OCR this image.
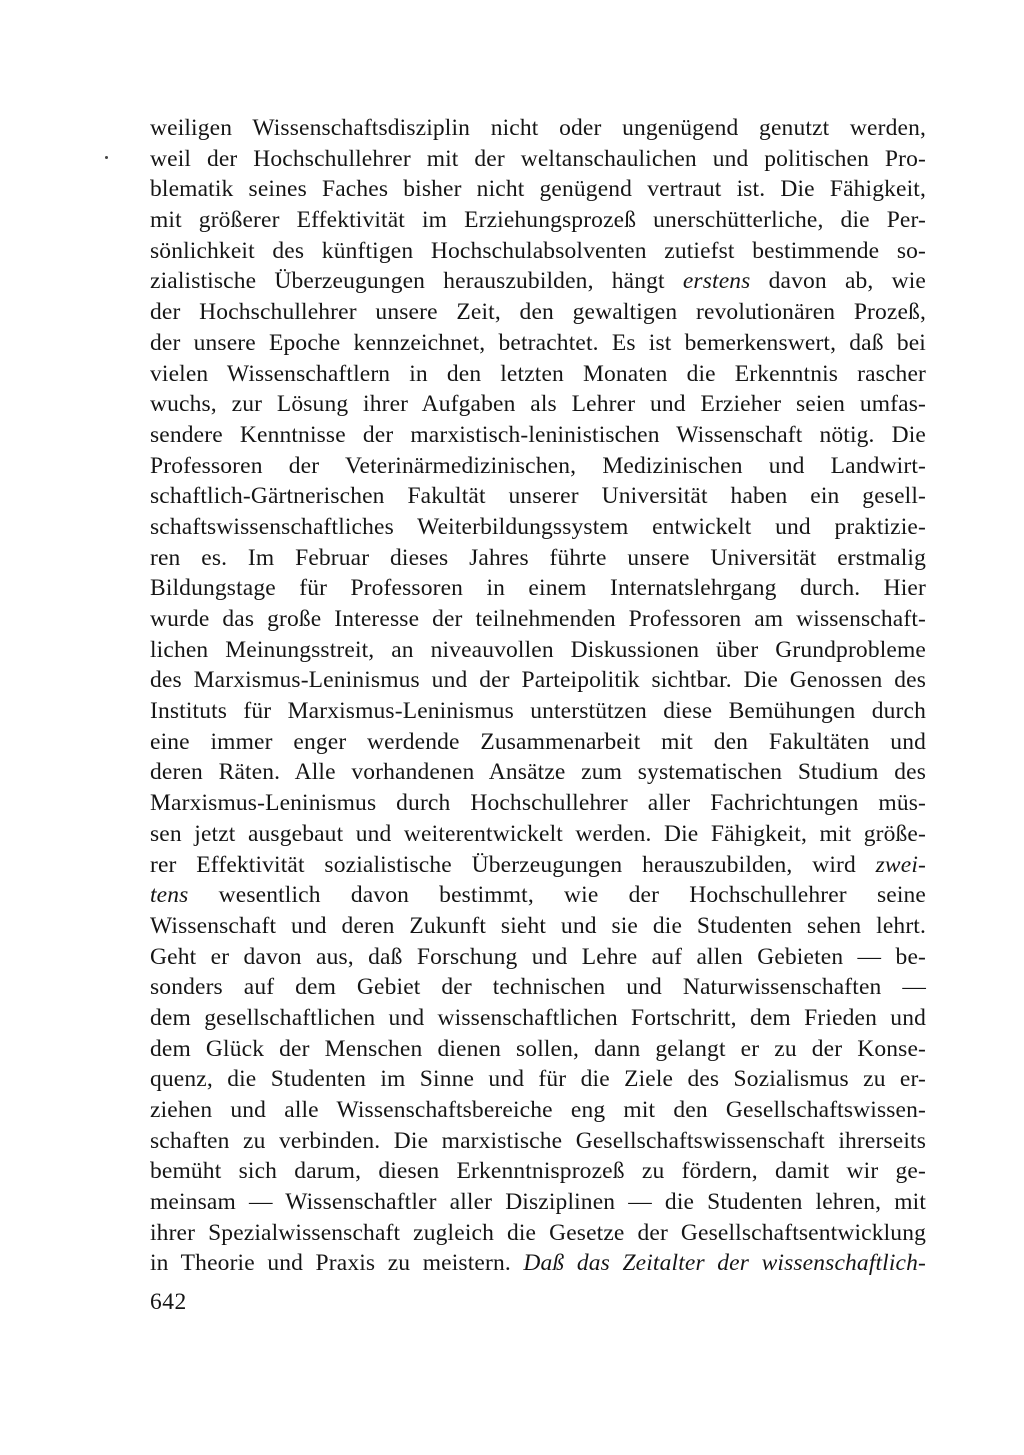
weiligen Wissenschaftsdisziplin nicht oder ungenügend genutzt werden,
weil der Hochschullehrer mit der weltanschaulichen und politischen Pro-
blematik seines Faches bisher nicht genügend vertraut ist. Die Fähigkeit,
mit größerer Effektivität im Erziehungsprozeß unerschütterliche, die Per-
sönlichkeit des künftigen Hochschulabsolventen zutiefst bestimmende so-
zialistische Überzeugungen herauszubilden, hängt erstens davon ab, wie
der Hochschullehrer unsere Zeit, den gewaltigen revolutionären Prozeß,
der unsere Epoche kennzeichnet, betrachtet. Es ist bemerkenswert, daß bei
vielen Wissenschaftlern in den letzten Monaten die Erkenntnis rascher
wuchs, zur Lösung ihrer Aufgaben als Lehrer und Erzieher seien umfas-
sendere Kenntnisse der marxistisch-leninistischen Wissenschaft nötig. Die
Professoren der Veterinärmedizinischen, Medizinischen und Landwirt-
schaftlich-Gärtnerischen Fakultät unserer Universität haben ein gesell-
schaftswissenschaftliches Weiterbildungssystem entwickelt und praktizie-
ren es. Im Februar dieses Jahres führte unsere Universität erstmalig
Bildungstage für Professoren in einem Internatslehrgang durch. Hier
wurde das große Interesse der teilnehmenden Professoren am wissenschaft-
lichen Meinungsstreit, an niveauvollen Diskussionen über Grundprobleme
des Marxismus-Leninismus und der Parteipolitik sichtbar. Die Genossen des
Instituts für Marxismus-Leninismus unterstützen diese Bemühungen durch
eine immer enger werdende Zusammenarbeit mit den Fakultäten und
deren Räten. Alle vorhandenen Ansätze zum systematischen Studium des
Marxismus-Leninismus durch Hochschullehrer aller Fachrichtungen müs-
sen jetzt ausgebaut und weiterentwickelt werden. Die Fähigkeit, mit größe-
rer Effektivität sozialistische Überzeugungen herauszubilden, wird zwei-
tens wesentlich davon bestimmt, wie der Hochschullehrer seine
Wissenschaft und deren Zukunft sieht und sie die Studenten sehen lehrt.
Geht er davon aus, daß Forschung und Lehre auf allen Gebieten — be-
sonders auf dem Gebiet der technischen und Naturwissenschaften —
dem gesellschaftlichen und wissenschaftlichen Fortschritt, dem Frieden und
dem Glück der Menschen dienen sollen, dann gelangt er zu der Konse-
quenz, die Studenten im Sinne und für die Ziele des Sozialismus zu er-
ziehen und alle Wissenschaftsbereiche eng mit den Gesellschaftswissen-
schaften zu verbinden. Die marxistische Gesellschaftswissenschaft ihrerseits
bemüht sich darum, diesen Erkenntnisprozeß zu fördern, damit wir ge-
meinsam — Wissenschaftler aller Disziplinen — die Studenten lehren, mit
ihrer Spezialwissenschaft zugleich die Gesetze der Gesellschaftsentwicklung
in Theorie und Praxis zu meistern. Daß das Zeitalter der wissenschaftlich-
642
